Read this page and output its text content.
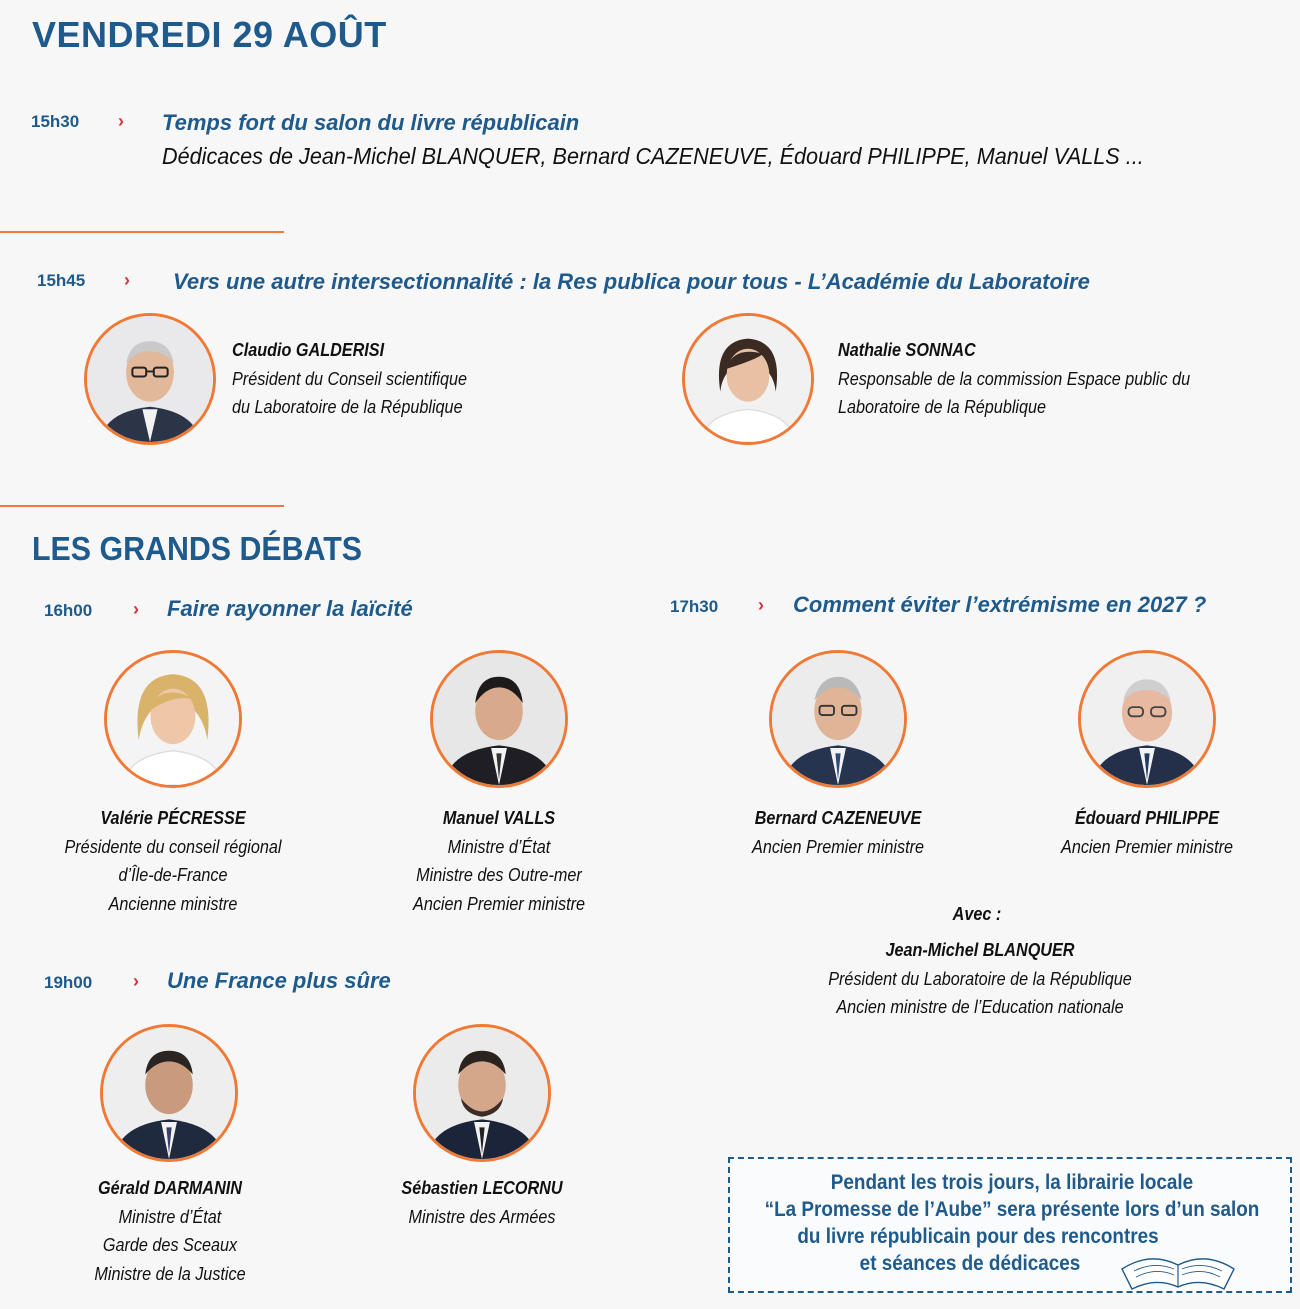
VENDREDI 29 AOÛT
15h30 › Temps fort du salon du livre républicain
Dédicaces de Jean-Michel BLANQUER, Bernard CAZENEUVE, Édouard PHILIPPE, Manuel VALLS ...
15h45 › Vers une autre intersectionnalité : la Res publica pour tous - L’Académie du Laboratoire
Claudio GALDERISI
Président du Conseil scientifique
du Laboratoire de la République
Nathalie SONNAC
Responsable de la commission Espace public du
Laboratoire de la République
LES GRANDS DÉBATS
16h00 › Faire rayonner la laïcité	17h30 › Comment éviter l’extrémisme en 2027 ?
Valérie PÉCRESSE
Présidente du conseil régional
d’Île-de-France
Ancienne ministre
Manuel VALLS
Ministre d’État
Ministre des Outre-mer
Ancien Premier ministre
Bernard CAZENEUVE
Ancien Premier ministre
Édouard PHILIPPE
Ancien Premier ministre
Avec :
Jean-Michel BLANQUER
Président du Laboratoire de la République
Ancien ministre de l’Education nationale
19h00 › Une France plus sûre
Gérald DARMANIN
Ministre d’État
Garde des Sceaux
Ministre de la Justice
Sébastien LECORNU
Ministre des Armées
Pendant les trois jours, la librairie locale
“La Promesse de l’Aube” sera présente lors d’un salon
du livre républicain pour des rencontres
et séances de dédicaces
